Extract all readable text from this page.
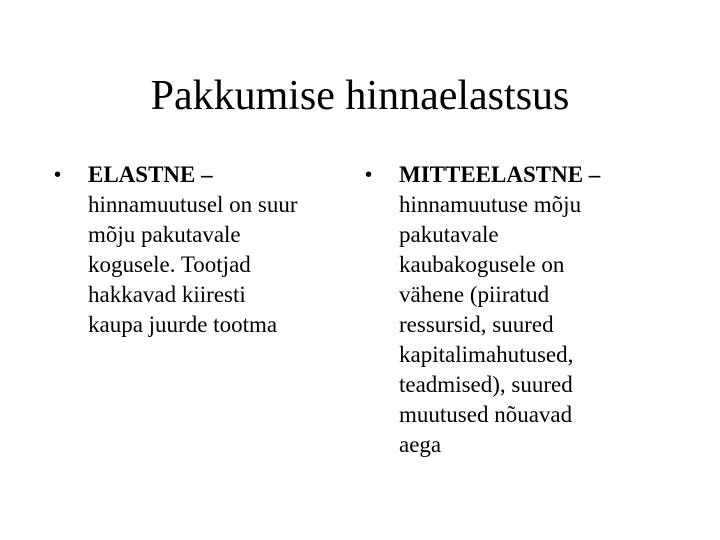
Pakkumise hinnaelastsus
•	ELASTNE –
hinnamuutusel on suur
mõju pakutavale
kogusele. Tootjad
hakkavad kiiresti
kaupa juurde tootma
•	MITTEELASTNE –
hinnamuutuse mõju
pakutavale
kaubakogusele on
vähene (piiratud
ressursid, suured
kapitalimahutused,
teadmised), suured
muutused nõuavad
aega
